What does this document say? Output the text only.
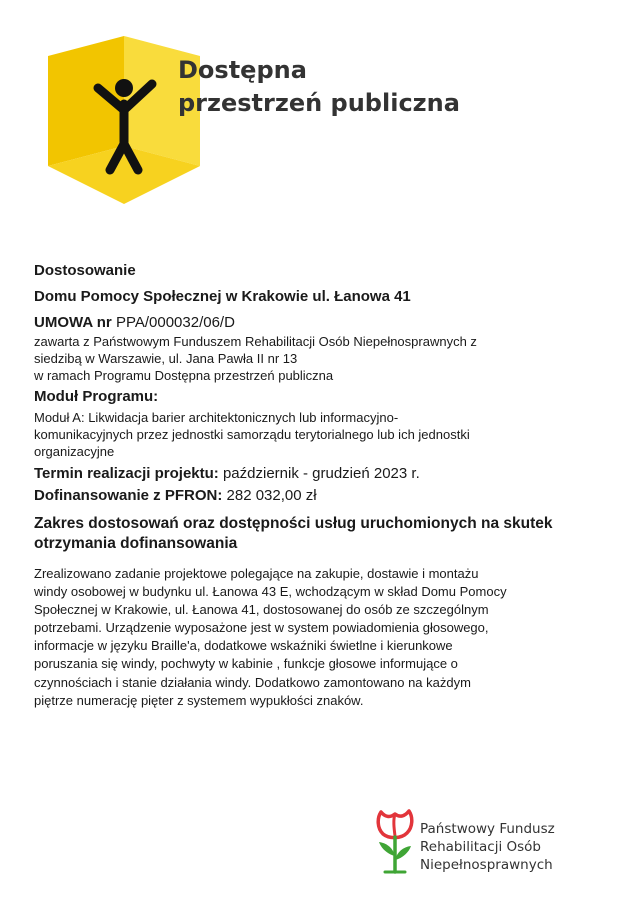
Dostępna
przestrzeń publiczna

Dostosowanie

Domu Pomocy Społecznej w Krakowie ul. Łanowa 41

UMOWA nr PPA/000032/06/D
zawarta z Państwowym Funduszem Rehabilitacji Osób Niepełnosprawnych z
siedzibą w Warszawie, ul. Jana Pawła II nr 13
w ramach Programu Dostępna przestrzeń publiczna
Moduł Programu:
Moduł A: Likwidacja barier architektonicznych lub informacyjno-
komunikacyjnych przez jednostki samorządu terytorialnego lub ich jednostki
organizacyjne
Termin realizacji projektu: październik - grudzień 2023 r.
Dofinansowanie z PFRON: 282 032,00 zł
Zakres dostosowań oraz dostępności usług uruchomionych na skutek
otrzymania dofinansowania
Zrealizowano zadanie projektowe polegające na zakupie, dostawie i montażu
windy osobowej w budynku ul. Łanowa 43 E, wchodzącym w skład Domu Pomocy
Społecznej w Krakowie, ul. Łanowa 41, dostosowanej do osób ze szczególnym
potrzebami. Urządzenie wyposażone jest w system powiadomienia głosowego,
informacje w języku Braille'a, dodatkowe wskaźniki świetlne i kierunkowe
poruszania się windy, pochwyty w kabinie , funkcje głosowe informujące o
czynnościach i stanie działania windy. Dodatkowo zamontowano na każdym
piętrze numerację pięter z systemem wypukłości znaków.
Państwowy Fundusz
Rehabilitacji Osób
Niepełnosprawnych
